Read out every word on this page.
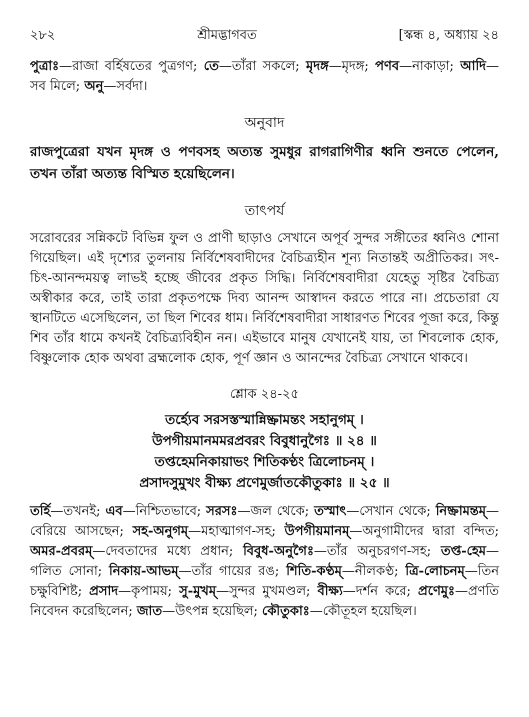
২৮২	শ্রীমদ্ভাগবত	[স্কন্ধ ৪, অধ্যায় ২৪

পুত্রাঃ—রাজা বর্হিষতের পুত্রগণ; তে—তাঁরা সকলে; মৃদঙ্গ—মৃদঙ্গ; পণব—নাকাড়া; আদি—সব মিলে; অনু—সর্বদা।

অনুবাদ

রাজপুত্রেরা যখন মৃদঙ্গ ও পণবসহ অত্যন্ত সুমধুর রাগরাগিণীর ধ্বনি শুনতে পেলেন, তখন তাঁরা অত্যন্ত বিস্মিত হয়েছিলেন।

তাৎপর্য

সরোবরের সন্নিকটে বিভিন্ন ফুল ও প্রাণী ছাড়াও সেখানে অপূর্ব সুন্দর সঙ্গীতের ধ্বনিও শোনা গিয়েছিল। এই দৃশ্যের তুলনায় নির্বিশেষবাদীদের বৈচিত্র্যহীন শূন্য নিতান্তই অপ্রীতিকর। সৎ-চিৎ-আনন্দময়ত্ব লাভই হচ্ছে জীবের প্রকৃত সিদ্ধি। নির্বিশেষবাদীরা যেহেতু সৃষ্টির বৈচিত্র্য অস্বীকার করে, তাই তারা প্রকৃতপক্ষে দিব্য আনন্দ আস্বাদন করতে পারে না। প্রচেতারা যে স্থানটিতে এসেছিলেন, তা ছিল শিবের ধাম। নির্বিশেষবাদীরা সাধারণত শিবের পূজা করে, কিন্তু শিব তাঁর ধামে কখনই বৈচিত্র্যবিহীন নন। এইভাবে মানুষ যেখানেই যায়, তা শিবলোক হোক, বিষ্ণুলোক হোক অথবা ব্রহ্মলোক হোক, পূর্ণ জ্ঞান ও আনন্দের বৈচিত্র্য সেখানে থাকবে।

শ্লোক ২৪-২৫

তর্হ্যেব সরসস্তস্মান্নিষ্ক্রামন্তং সহানুগম্ ।

উপগীয়মানমমরপ্রবরং বিবুধানুগৈঃ ॥ ২৪ ॥

তপ্তহেমনিকায়াভং শিতিকণ্ঠং ত্রিলোচনম্ ।

প্রসাদসুমুখং বীক্ষ্য প্রণেমুর্জাতকৌতুকাঃ ॥ ২৫ ॥

তর্হি—তখনই; এব—নিশ্চিতভাবে; সরসঃ—জল থেকে; তস্মাৎ—সেখান থেকে; নিষ্ক্রামন্তম্—বেরিয়ে আসছেন; সহ-অনুগম্—মহাত্মাগণ-সহ; উপগীয়মানম্—অনুগামীদের দ্বারা বন্দিত; অমর-প্রবরম্—দেবতাদের মধ্যে প্রধান; বিবুধ-অনুগৈঃ—তাঁর অনুচরগণ-সহ; তপ্ত-হেম—গলিত সোনা; নিকায়-আভম্—তাঁর গায়ের রঙ; শিতি-কণ্ঠম্—নীলকণ্ঠ; ত্রি-লোচনম্—তিন চক্ষুবিশিষ্ট; প্রসাদ—কৃপাময়; সু-মুখম্—সুন্দর মুখমণ্ডল; বীক্ষ্য—দর্শন করে; প্রণেমুঃ—প্রণতি নিবেদন করেছিলেন; জাত—উৎপন্ন হয়েছিল; কৌতুকাঃ—কৌতূহল হয়েছিল।
